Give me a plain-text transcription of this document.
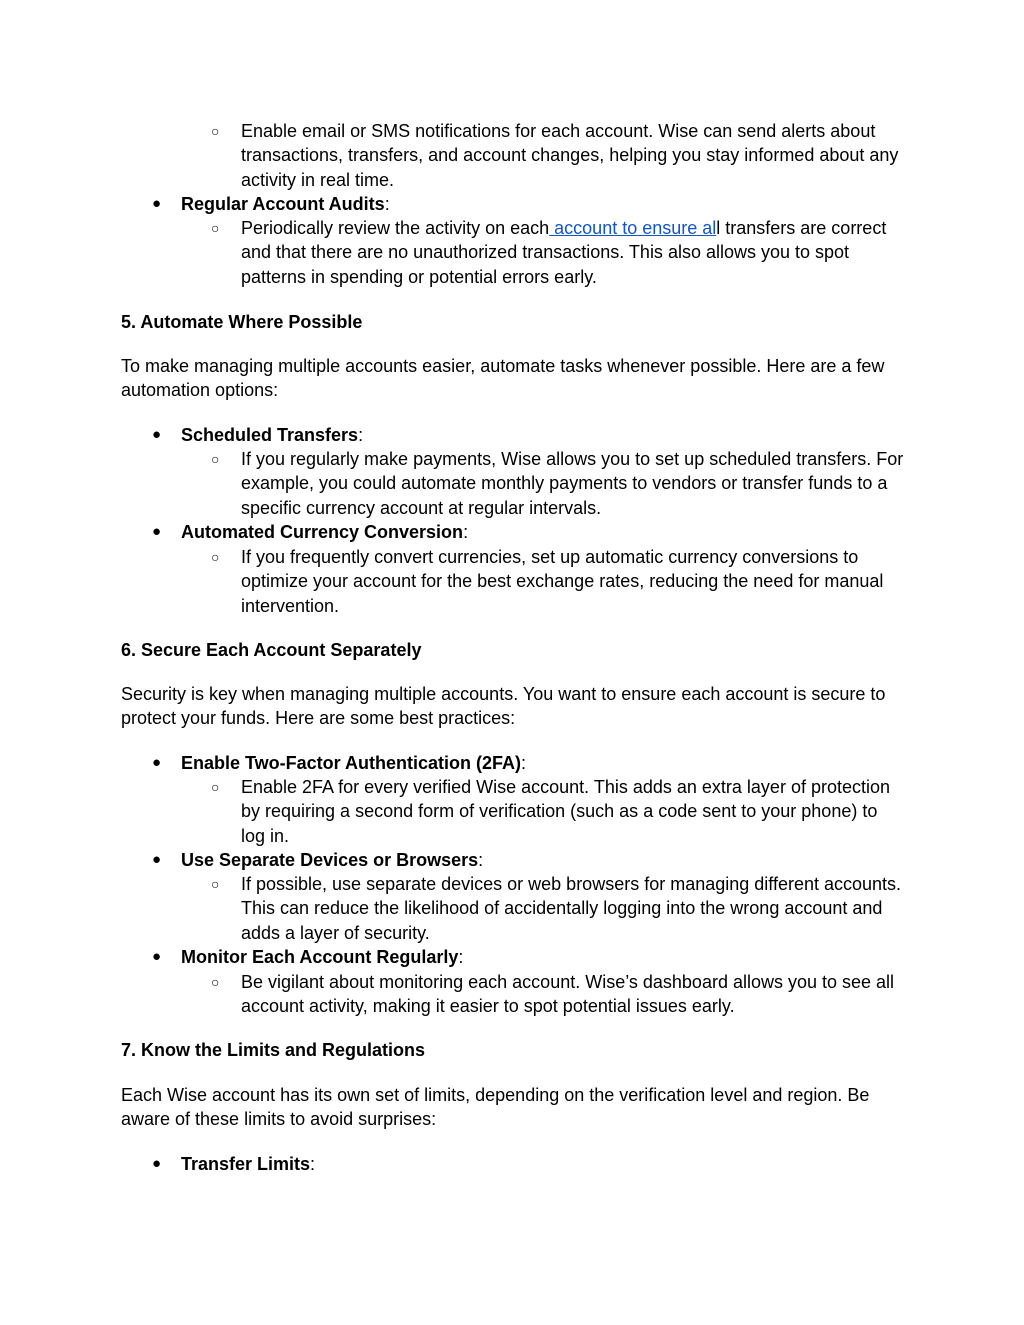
○ Enable email or SMS notifications for each account. Wise can send alerts about transactions, transfers, and account changes, helping you stay informed about any activity in real time.
●	Regular Account Audits:
○ Periodically review the activity on each account to ensure all transfers are correct and that there are no unauthorized transactions. This also allows you to spot patterns in spending or potential errors early.
5. Automate Where Possible
To make managing multiple accounts easier, automate tasks whenever possible. Here are a few automation options:
●	Scheduled Transfers:
○ If you regularly make payments, Wise allows you to set up scheduled transfers. For example, you could automate monthly payments to vendors or transfer funds to a specific currency account at regular intervals.
●	Automated Currency Conversion:
○ If you frequently convert currencies, set up automatic currency conversions to optimize your account for the best exchange rates, reducing the need for manual intervention.
6. Secure Each Account Separately
Security is key when managing multiple accounts. You want to ensure each account is secure to protect your funds. Here are some best practices:
●	Enable Two-Factor Authentication (2FA):
○ Enable 2FA for every verified Wise account. This adds an extra layer of protection by requiring a second form of verification (such as a code sent to your phone) to log in.
●	Use Separate Devices or Browsers:
○ If possible, use separate devices or web browsers for managing different accounts. This can reduce the likelihood of accidentally logging into the wrong account and adds a layer of security.
●	Monitor Each Account Regularly:
○ Be vigilant about monitoring each account. Wise’s dashboard allows you to see all account activity, making it easier to spot potential issues early.
7. Know the Limits and Regulations
Each Wise account has its own set of limits, depending on the verification level and region. Be aware of these limits to avoid surprises:
●	Transfer Limits:
